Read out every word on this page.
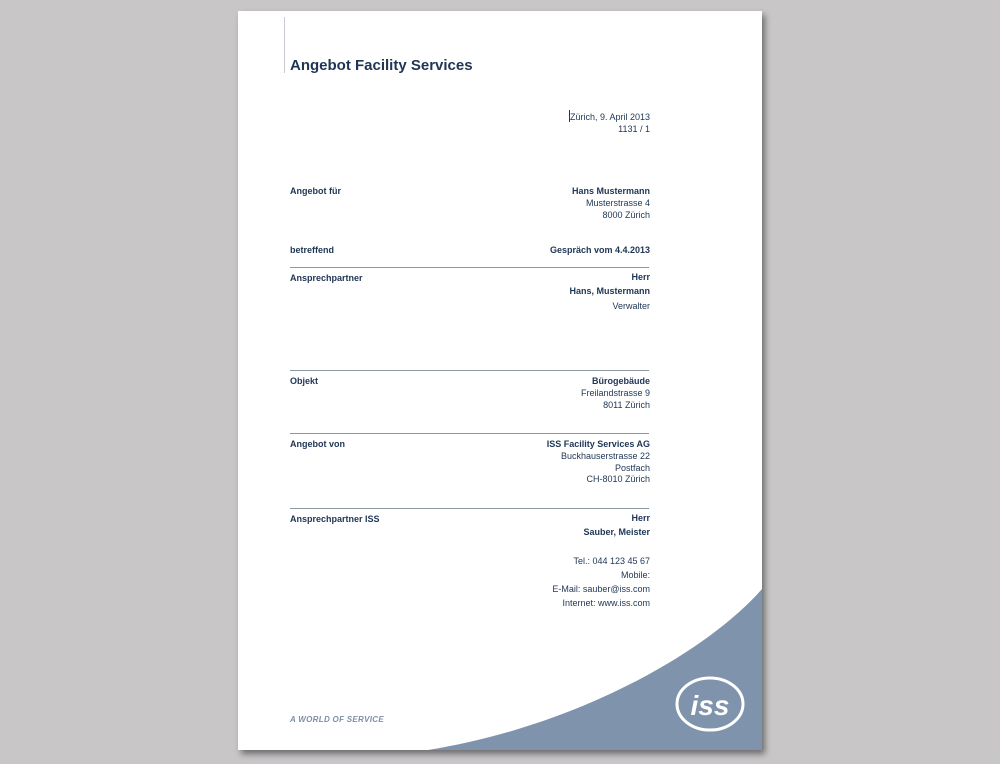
Angebot Facility Services
Zürich, 9. April 2013
1131 / 1
Angebot für	Hans Mustermann
Musterstrasse 4
8000 Zürich
betreffend	Gespräch vom 4.4.2013
Ansprechpartner	Herr
Hans, Mustermann
Verwalter
Objekt	Bürogebäude
Freilandstrasse 9
8011 Zürich
Angebot von	ISS Facility Services AG
Buckhauserstrasse 22
Postfach
CH-8010 Zürich
Ansprechpartner ISS	Herr
Sauber, Meister
Tel.: 044 123 45 67
Mobile:
E-Mail: sauber@iss.com
Internet: www.iss.com
iss
A WORLD OF SERVICE
